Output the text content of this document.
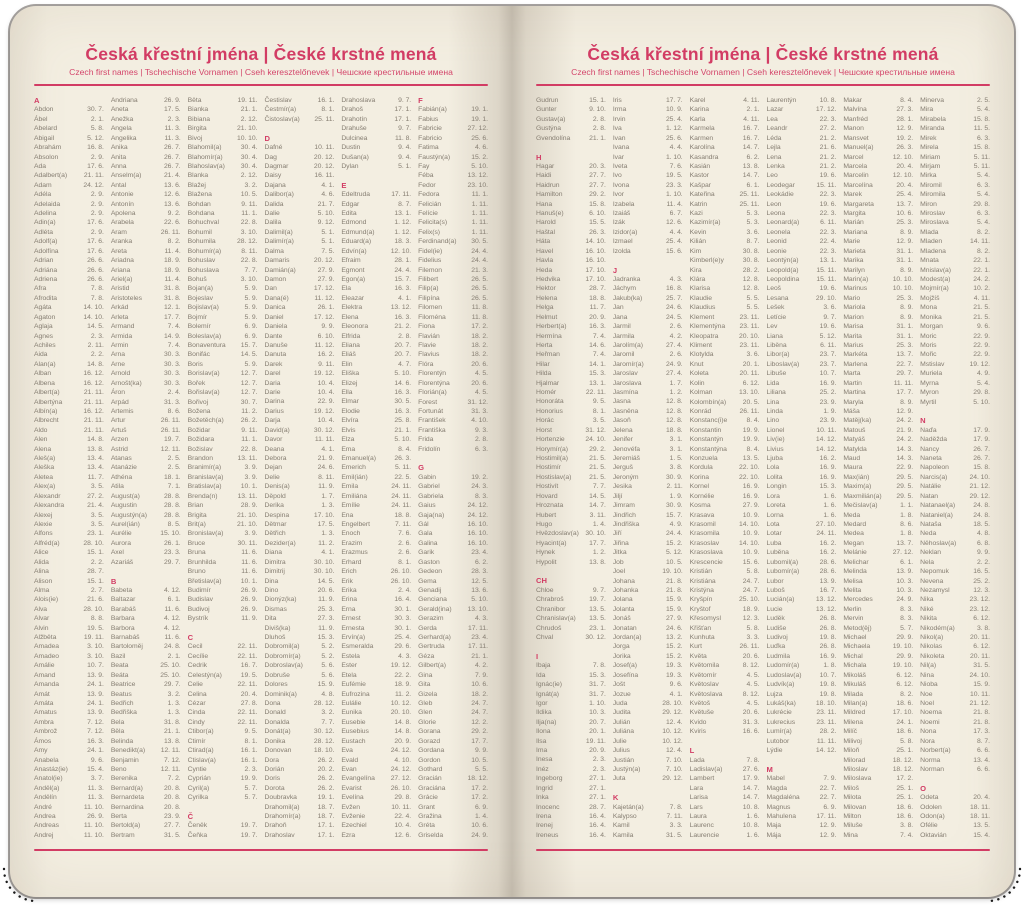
Česká křestní jména | České krstné mená
Czech first names | Tschechische Vornamen | Cseh keresztelőnevek | Чешские крестильные имена
A
Abdon	30. 7.
Ábel	2. 1.
Abelard	5. 8.
Abigail	5. 12.
Abrahám	16. 8.
Absolon	2. 9.
Ada	17. 6.
Adalbert(a) 21. 11.
Adam	24. 12.
Adéla	2. 9.
Adelaida	2. 9.
Adelina	2. 9.
Adin(a)	17. 6.
Adléta	2. 9.
Adolf(a)	17. 6.
Adolfína	17. 6.
Adrian	26. 6.
Adriána	26. 6.
Adriena	26. 6.
Afra	7. 8.
Afrodita	7. 8.
Agáta	14. 10.
Agaton	14. 10.
Aglaja	14. 5.
Agnes	2. 3.
Achiles	2. 11.
Aida	2. 2.
Alan(a)	14. 8.
Alban	16. 12.
Albena	16. 12.
Albert(a)	21. 11.
Albertýna	21. 11.
Albín(a)	16. 12.
Albrecht	21. 11.
Aldo	21. 11.
Alen	14. 8.
Alena	13. 8.
Aleš(a)	13. 4.
Aleška	13. 4.
Aletea	11. 7.
Alex(a)	3. 5.
Alexandr	27. 2.
Alexandra	21. 4.
Alexej	3. 5.
Alexie	3. 5.
Alfons	23. 1.
Alfréd(a)	28. 10.
Alice	15. 1.
Alida	2. 2.
Alina	28. 7.
Alison	15. 1.
Alma	2. 7.
Alois(ie)	21. 6.
Alva	28. 10.
Alvar	8. 8.
Alvin	19. 5.
Alžběta	19. 11.
Amadea	3. 10.
Amadeo	3. 10.
Amálie	10. 7.
Amand	13. 9.
Amanda	24. 1.
Amát	13. 9.
Amáta	24. 1.
Amatus	13. 9.
Ambra	7. 12.
Ambrož	7. 12.
Ámos	16. 3.
Amy	24. 1.
Anabela	9. 6.
Anastáz(ie)	15. 4.
Anatol(ie)	3. 7.
Anděl(a)	11. 3.
Andělín	11. 3.
André	11. 10.
Andrea	26. 9.
Andreas	11. 10.
Andrej	11. 10.
Andriana	26. 9.
Aneta	17. 5.
Anežka	2. 3.
Angela	11. 3.
Angelika	11. 3.
Anika	26. 7.
Anita	26. 7.
Anna	26. 7.
Anselm(a)	21. 4.
Antal	13. 6.
Antonie	12. 6.
Antonín	13. 6.
Apolena	9. 2.
Arabela	22. 6.
Aram	26. 11.
Aranka	8. 2.
Areta	11. 4.
Ariadna	18. 9.
Ariana	18. 9.
Ariel(a)	11. 4.
Aristid	31. 8.
Aristoteles	31. 8.
Arkád	12. 1.
Arleta	17. 7.
Armand	7. 4.
Armida	14. 9.
Armin	7. 4.
Arna	30. 3.
Arne	30. 3.
Arnold	30. 3.
Arnošt(ka)	30. 3.
Áron	2. 4.
Arpád	31. 3.
Artemis	8. 6.
Artur	26. 11.
Artuš	26. 11.
Arzen	19. 7.
Astrid	12. 11.
Atanas	2. 5.
Atanázie	2. 5.
Athéna	18. 1.
Atila	7. 1.
August(a)	28. 8.
Augustin	28. 8.
Augustýn(a)	28. 8.
Aurel(ián)	8. 5.
Aurélie	15. 10.
Aurora	26. 1.
Axel	23. 3.
Azariáš	29. 7.
B
Babeta	4. 12.
Baltazar	6. 1.
Barabáš	11. 6.
Barbara	4. 12.
Barbora	4. 12.
Barnabáš	11. 6.
Bartoloměj	24. 8.
Bazil	2. 1.
Beata	25. 10.
Beáta	25. 10.
Beatrice	29. 7.
Beatus	3. 2.
Bedřich	1. 3.
Bedřiška	1. 3.
Bela	31. 8.
Běla	21. 1.
Belinda	13. 8.
Benedikt(a) 12. 11.
Benjamin	7. 12.
Beno	12. 11.
Berenika	7. 2.
Bernard(a)	20. 8.
Bernardeta	20. 8.
Bernardina	20. 8.
Berta	23. 9.
Bertold(a)	27. 7.
Bertram	31. 5.
Běta	19. 11.
Bianka	21. 1.
Bibiana	2. 12.
Birgita	21. 10.
Bivoj	10. 10.
Blahomil(a)	30. 4.
Blahomír(a)	30. 4.
Blahoslav(a) 30. 4.
Blanka	2. 12.
Blažej	3. 2.
Blažena	10. 5.
Bohdan	9. 11.
Bohdana	11. 1.
Bohuchval	22. 8.
Bohumil	3. 10.
Bohumila	28. 12.
Bohumír(a)	8. 11.
Bohuslav	22. 8.
Bohuslava	7. 7.
Bohuš	3. 10.
Bojan(a)	5. 9.
Bojeslav	5. 9.
Bojislav(a)	5. 9.
Bojmír	5. 9.
Bolemír	6. 9.
Boleslav(a)	6. 9.
Bonaventura 15. 7.
Bonifác	14. 5.
Boris	5. 9.
Borislav(a)	12. 7.
Bořek	12. 7.
Bořislav(a)	12. 7.
Bořivoj	30. 7.
Božena	11. 2.
Božetěch(a)	26. 2.
Božidar	9. 11.
Božidara	11. 1.
Božislav	22. 8.
Brandon	13. 11.
Branimír(a)	3. 9.
Branislav(a)	3. 9.
Bratislav(a)	10. 1.
Brenda(n)	13. 11.
Brian	28. 9.
Brigita	21. 10.
Brit(a)	21. 10.
Bronislav(a)	3. 9.
Bruce	30. 11.
Bruna	11. 6.
Brunhilda	11. 6.
Bruno	11. 6.
Břetislav(a)	10. 1.
Budimír	26. 9.
Budislav	26. 9.
Budivoj	26. 9.
Bystrík	11. 9.
C
Cecil	22. 11.
Cecílie	22. 11.
Cedrik	16. 7.
Celestýn(a)	19. 5.
Celie	22. 11.
Celina	20. 4.
Cézar	27. 8.
Cinda	22. 11.
Cindy	22. 11.
Ctibor(a)	9. 5.
Ctimír	8. 1.
Ctirad(a)	16. 1.
Ctislav(a)	16. 1.
Cyntie	2. 3.
Cyprián	19. 9.
Cyril(a)	5. 7.
Cyrilka	5. 7.
Č
Čeněk	19. 7.
Čeňka	19. 7.
Čestislav	16. 1.
Čestmír(a)	8. 1.
Čistoslav(a) 25. 11.
D
Dafné	10. 11.
Dag	20. 12.
Dagmar	20. 12.
Daisy	16. 11.
Dajana	4. 1.
Dalibor(a)	4. 6.
Dalida	21. 7.
Dalie	5. 10.
Dalila	9. 12.
Dalimil(a)	5. 1.
Dalimír(a)	5. 1.
Dalma	7. 5.
Damaris	20. 12.
Damián(a)	27. 9.
Damon	27. 9.
Dan	17. 12.
Dana(é)	11. 12.
Danica	26. 1.
Daniel	17. 12.
Daniela	9. 9.
Dante	6. 10.
Danuše	11. 12.
Danuta	16. 2.
Darek	9. 11.
Darel	19. 12.
Daria	10. 4.
Darie	10. 4.
Darina	22. 9.
Darius	19. 12.
Darja	10. 4.
David(a)	30. 12.
Davor	11. 11.
Deana	4. 1.
Debora	21. 9.
Dejan	24. 6.
Delie	8. 11.
Denis(a)	11. 9.
Děpold	1. 7.
Derika	1. 3.
Despina	17. 10.
Dětmar	17. 5.
Dětřich	1. 3.
Dezider(a)	11. 2.
Diana	4. 1.
Dimitra	30. 10.
Dimitrij	30. 10.
Dina	14. 5.
Dino	20. 6.
Dionýz(ka)	11. 9.
Dismas	25. 3.
Dita	27. 3.
Diviš(ka)	11. 9.
Dluhoš	15. 3.
Dobromil(a)	5. 2.
Dobromír(a)	5. 2.
Dobroslav(a)	5. 6.
Dobruše	5. 6.
Dolores	15. 9.
Dominik(a)	4. 8.
Dona	28. 12.
Donald	3. 2.
Donalda	7. 7.
Donát(a)	30. 12.
Donika	28. 12.
Donovan	18. 10.
Dora	26. 2.
Dorián	20. 2.
Doris	26. 2.
Dorota	26. 2.
Doubravka	19. 1.
Drahomil(a)	18. 7.
Drahomír(a)	18. 7.
Drahoň	17. 1.
Drahoslav	17. 1.
Drahoslava	9. 7.
Drahoš	17. 1.
Drahotín	17. 1.
Drahuše	9. 7.
Dulcinea	11. 8.
Dustin	9. 4.
Dušan(a)	9. 4.
Dylan	5. 1.
E
Edeltruda	17. 11.
Edgar	8. 7.
Edita	13. 1.
Edmond	1. 12.
Edmund(a)	1. 12.
Eduard(a)	18. 3.
Edvín(a)	12. 10.
Efraim	28. 1.
Egmont	24. 4.
Egon(a)	15. 7.
Ela	16. 3.
Eleazar	4. 1.
Elektra	13. 12.
Elena	16. 3.
Eleonora	21. 2.
Elfrida	2. 8.
Eliana	20. 7.
Eliáš	20. 7.
Elin	4. 7.
Eliška	5. 10.
Elizej	14. 6.
Ella	16. 3.
Elmar	30. 5.
Elodie	16. 3.
Elvíra	25. 8.
Elvis	21. 1.
Elza	5. 10.
Ema	8. 4.
Emanuel(a)	26. 3.
Emerich	5. 11.
Emil(ián)	22. 5.
Emila	24. 11.
Emiliána	24. 11.
Emílie	24. 11.
Ena	18. 8.
Engelbert	7. 11.
Enoch	7. 6.
Erazim	2. 6.
Erazmus	2. 6.
Erhard	8. 1.
Erich	26. 10.
Erik	26. 10.
Erika	2. 4.
Erina	16. 4.
Erna	30. 1.
Ernest	30. 3.
Ernesta	30. 1.
Ervín(a)	25. 4.
Esmeralda	29. 6.
Estela	4. 3.
Ester	19. 12.
Etela	22. 2.
Eufémie	18. 9.
Eufrozina	11. 2.
Eulálie	10. 12.
Eunika	20. 10.
Eusebie	14. 8.
Eusebius	14. 8.
Eustach	20. 9.
Eva	24. 12.
Evald	4. 10.
Evan	24. 12.
Evangelína 27. 12.
Evarist	26. 10.
Evelína	29. 8.
Evžen	10. 11.
Evženie	22. 4.
Ezechiel	10. 4.
Ezra	12. 6.
F
Fabián(a)	19. 1.
Fabius	19. 1.
Fabricie	27. 12.
Fabricio	25. 6.
Fatima	4. 6.
Faustýn(a)	15. 2.
Fay	5. 10.
Féba	13. 12.
Fedor	23. 10.
Fedora	11. 1.
Felicián	1. 11.
Felície	1. 11.
Felicita(s)	1. 11.
Felix(s)	1. 11.
Ferdinand(a) 30. 5.
Fidel(ie)	24. 4.
Fidelius	24. 4.
Filemon	21. 3.
Filibert	26. 5.
Filip(a)	26. 5.
Filipína	26. 5.
Filomen	11. 8.
Filoména	11. 8.
Fiona	17. 2.
Flavián	18. 2.
Flavie	18. 2.
Flavius	18. 2.
Flóra	20. 6.
Florentýn	4. 5.
Florentýna	20. 6.
Florián(a)	4. 5.
Forest	31. 12.
Fortunát	31. 3.
František	4. 10.
Františka	9. 3.
Frida	2. 8.
Fridolín	6. 3.
G
Gabin	19. 2.
Gabriel	24. 3.
Gabriela	8. 3.
Gaius	24. 12.
Gaja(na)	24. 12.
Gál	16. 10.
Gala	16. 10.
Galina	16. 10.
Garik	23. 4.
Gaston	6. 2.
Gedeon	28. 3.
Gema	12. 5.
Genadij	13. 6.
Genciana	5. 10.
Gerald(ina) 13. 10.
Gerazim	4. 3.
Gerda	17. 11.
Gerhard(a)	23. 4.
Gertruda	17. 11.
Géza	21. 1.
Gilbert(a)	4. 2.
Gina	7. 9.
Gita	10. 6.
Gizela	18. 2.
Gleb	24. 7.
Glen	24. 7.
Glorie	12. 2.
Gorana	29. 2.
Gorazd	17. 7.
Gordana	9. 9.
Gordon	10. 5.
Gothard	5. 5.
Gracián	18. 12.
Graciána	17. 2.
Grácie	17. 2.
Grant	6. 9.
Gražina	1. 4.
Gréta	10. 6.
Griselda	24. 9.
Česká křestní jména | České krstné mená
Czech first names | Tschechische Vornamen | Cseh keresztelőnevek | Чешские крестильные имена
Gudrun	15. 1.
Gunter	9. 10.
Gustav(a)	2. 8.
Gustýna	2. 8.
Gvendolína	21. 1.
H
Hagar	20. 3.
Haidi	27. 7.
Haidrun	27. 7.
Hamilton	29. 2.
Hana	15. 8.
Hanuš(e)	6. 10.
Harold	15. 5.
Haštal	26. 3.
Háta	14. 10.
Havel	16. 10.
Havla	16. 10.
Heda	17. 10.
Hedvika	17. 10.
Hektor	28. 7.
Helena	18. 8.
Helga	11. 7.
Helmut	20. 9.
Herbert(a)	16. 3.
Hermína	7. 4.
Herta	14. 6.
Heřman	7. 4.
Hilar	14. 1.
Hilda	15. 3.
Hjalmar	13. 1.
Homér	22. 11.
Honoráta	9. 5.
Honorius	8. 1.
Horác	3. 5.
Horst	31. 12.
Hortenzie	24. 10.
Horymír(a)	29. 2.
Hostimil(a)	21. 5.
Hostimír	21. 5.
Hostislav(a)	21. 5.
Hostivít	7. 7.
Hovard	14. 5.
Hroznata	14. 7.
Hubert	3. 11.
Hugo	1. 4.
Hvězdoslav(a) 30. 10.
Hyacint(a)	17. 7.
Hynek	1. 2.
Hypolit	13. 8.
CH
Chloe	9. 7.
Chrabroš	19. 7.
Chranibor	13. 5.
Chranislav(a) 13. 5.
Chrudoš	23. 1.
Chval	30. 12.
I
Ibaja	7. 8.
Ida	15. 3.
Ignác(ie)	31. 7.
Ignát(a)	31. 7.
Igor	1. 10.
Ildika	10. 3.
Ilja(na)	20. 7.
Ilona	20. 1.
Ilsa	19. 11.
Ima	20. 9.
Inesa	2. 3.
Inéz	2. 3.
Ingeborg	27. 1.
Ingrid	27. 1.
Inka	27. 1.
Inocenc	28. 7.
Irena	16. 4.
Irenej	16. 4.
Ireneus	16. 4.
Iris	17. 7.
Irma	10. 9.
Irvin	25. 4.
Iva	1. 12.
Ivan	25. 6.
Ivana	4. 4.
Ivar	1. 10.
Iveta	7. 6.
Ivo	19. 5.
Ivona	23. 3.
Ivor	1. 10.
Izabela	11. 4.
Izaiáš	6. 7.
Izák	12. 6.
Izidor(a)	4. 4.
Izmael	25. 4.
Izolda	15. 6.
J
Jadranka	4. 3.
Jáchym	16. 8.
Jakub(ka)	25. 7.
Jan	24. 6.
Jana	24. 5.
Jarmil	2. 6.
Jarmila	4. 2.
Jarolím(a)	27. 4.
Jaromil	2. 6.
Jaromír(a)	24. 9.
Jaroslav	27. 4.
Jaroslava	1. 7.
Jasmína	1. 2.
Jasna	12. 8.
Jasněna	12. 8.
Jasoň	12. 8.
Jelena	18. 8.
Jenifer	3. 1.
Jenovéfa	3. 1.
Jeremiáš	1. 5.
Jerguš	3. 8.
Jeroným	30. 9.
Jesika	2. 11.
Jiljí	1. 9.
Jimram	30. 9.
Jindřich	15. 7.
Jindřiška	4. 9.
Jiří	24. 4.
Jiřina	15. 2.
Jitka	5. 12.
Job	10. 5.
Joel	19. 10.
Johana	21. 8.
Johanka	21. 8.
Jolana	15. 9.
Jolanta	15. 9.
Jonáš	27. 9.
Jonatan	24. 6.
Jordan(a)	13. 2.
Jorga	15. 2.
Jorika	15. 2.
Josef(a)	19. 3.
Josefína	19. 3.
Jošt	9. 6.
Jozue	4. 1.
Juda	28. 10.
Judita	29. 12.
Julián	12. 4.
Juliána	10. 12.
Julie	10. 12.
Julius	12. 4.
Justián	7. 10.
Justýn(a)	7. 10.
Juta	29. 12.
K
Kajetán(a)	7. 8.
Kalypso	7. 11.
Kamil	3. 3.
Kamila	31. 5.
Karel	4. 11.
Karina	2. 1.
Karla	4. 11.
Karmela	16. 7.
Karmen	16. 7.
Karolína	14. 7.
Kasandra	6. 2.
Kasián	13. 8.
Kastor	14. 7.
Kašpar	6. 1.
Kateřina	25. 11.
Katrin	25. 11.
Kazi	5. 3.
Kazimír(a)	5. 3.
Kevin	3. 6.
Kilián	8. 7.
Kim	30. 8.
Kimberl(e)y	30. 8.
Kira	28. 2.
Klára	12. 8.
Klarisa	12. 8.
Klaudie	5. 5.
Klaudius	5. 5.
Klement	23. 11.
Klementýna 23. 11.
Kleopatra	20. 10.
Kliment	23. 11.
Klotylda	3. 6.
Knut	20. 1.
Koleta	20. 11.
Kolin	6. 12.
Kolman	13. 10.
Kolombín(a) 20. 5.
Konrád	26. 11.
Konstanc(i)e	8. 4.
Konstantin	19. 9.
Konstantýn	19. 9.
Konstantýna	8. 4.
Konzuela	13. 5.
Kordula	22. 10.
Korina	22. 10.
Kornel	16. 9.
Kornélie	16. 9.
Kosma	27. 9.
Krasava	10. 9.
Krasomil	14. 10.
Krasomila	10. 9.
Krasoslav	14. 10.
Krasoslava	10. 9.
Krescencie	15. 6.
Kristián	5. 8.
Kristiána	24. 7.
Kristýna	24. 7.
Kryšpín	25. 10.
Kryštof	18. 9.
Křesomysl	12. 3.
Křišťan	5. 8.
Kunhuta	3. 3.
Kurt	26. 11.
Květa	20. 6.
Květomila	8. 12.
Květomír	4. 5.
Květoslav	4. 5.
Květoslava	8. 12.
Květoš	4. 5.
Květuše	20. 6.
Kvido	31. 3.
Kviris	16. 6.
L
Lada	7. 8.
Ladislav(a)	27. 6.
Lambert	17. 9.
Lara	14. 7.
Larisa	14. 7.
Lars	10. 8.
Laura	1. 6.
Laurenc	10. 8.
Laurencie	1. 6.
Laurentýn	10. 8.
Lazar	17. 12.
Lea	22. 3.
Leandr	27. 2.
Léda	21. 2.
Lejla	21. 6.
Lena	21. 2.
Lenka	21. 2.
Leo	19. 6.
Leodegar	15. 11.
Leokádie	22. 3.
Leon	19. 6.
Leona	22. 3.
Leonard(a)	6. 11.
Leonela	22. 3.
Leonid	22. 4.
Leonie	22. 3.
Leontýn(a)	13. 1.
Leopold(a)	15. 11.
Leopoldina	15. 11.
Leoš	19. 6.
Lesana	29. 10.
Lešek	3. 6.
Letície	9. 7.
Lev	19. 6.
Liana	5. 12.
Liběna	6. 11.
Libor(a)	23. 7.
Liboslav(a)	23. 7.
Libuše	10. 7.
Lida	16. 9.
Liliana	25. 2.
Lina	23. 9.
Linda	1. 9.
Lino	23. 9.
Lionel	10. 11.
Liv(ie)	14. 12.
Livius	14. 12.
Ljuba	16. 2.
Lola	16. 9.
Lolita	16. 9.
Longin	15. 3.
Lora	1. 6.
Loreta	1. 6.
Lorna	1. 6.
Lota	27. 10.
Lotar	24. 11.
Luba	16. 2.
Luběna	16. 2.
Lubomil(a)	28. 6.
Lubomír(a)	28. 6.
Lubor	13. 9.
Luboš	16. 7.
Lucián(a)	13. 12.
Lucie	13. 12.
Luděk	26. 8.
Ludiše	26. 8.
Ludivoj	19. 8.
Luďka	26. 8.
Ludmila	16. 9.
Ludomír(a)	1. 8.
Ludoslav(a)	10. 7.
Ludvík(a)	19. 8.
Lujza	19. 8.
Lukáš(ka)	18. 10.
Lukrécie	23. 11.
Lukrecius	23. 11.
Lumír(a)	28. 2.
Lutobor	11. 11.
Lýdie	14. 12.
M
Mabel	7. 9.
Magda	22. 7.
Magdaléna	22. 7.
Magnus	6. 9.
Mahulena	17. 11.
Maja	12. 9.
Mája	12. 9.
Makar	8. 4.
Malvína	27. 3.
Manfréd	28. 1.
Manon	12. 9.
Mansvet	19. 2.
Manuel(a)	26. 3.
Marcel	12. 10.
Marcela	20. 4.
Marcelin	12. 10.
Marcelína	20. 4.
Marek	25. 4.
Margareta	13. 7.
Margita	10. 6.
Marián	25. 3.
Mariana	8. 9.
Marie	12. 9.
Marieta	31. 1.
Marika	31. 1.
Marilyn	8. 9.
Marin(a)	10. 10.
Marinus	10. 10.
Mario	25. 3.
Mariola	8. 9.
Marion	8. 9.
Marisa	31. 1.
Marita	31. 1.
Marius	25. 3.
Markéta	13. 7.
Marlena	22. 7.
Marta	29. 7.
Martin	11. 11.
Martina	17. 7.
Maryla	8. 9.
Máša	12. 9.
Matěj(ka)	24. 2.
Matouš	21. 9.
Matyáš	24. 2.
Matylda	14. 3.
Maud	14. 3.
Maura	22. 9.
Max(ián)	29. 5.
Maxim(a)	29. 5.
Maxmilián(a) 29. 5.
Mečislav(a)	1. 1.
Meda	1. 8.
Medard	8. 6.
Medea	1. 8.
Megan	13. 7.
Melánie	27. 12.
Melichar	6. 1.
Melinda	13. 9.
Melisa	10. 3.
Melita	10. 3.
Mercedes	24. 9.
Merlin	8. 3.
Mervin	8. 3.
Metod(ěj)	5. 7.
Michael	29. 9.
Michaela	19. 10.
Michal	29. 9.
Michala	19. 10.
Mikoláš	6. 12.
Mikuláš	6. 12.
Milada	8. 2.
Milan(a)	18. 6.
Mildred	17. 10.
Milena	24. 1.
Milíč	18. 6.
Milivoj	5. 8.
Miloň	25. 1.
Milorad	18. 12.
Miloslav	18. 12.
Miloslava	17. 2.
Miloš	25. 1.
Milota	25. 1.
Milovan	18. 6.
Milton	18. 6.
Miluše	3. 8.
Mina	7. 4.
Minerva	2. 5.
Mira	5. 4.
Mirabela	15. 8.
Miranda	11. 5.
Mirek	6. 3.
Mirela	15. 8.
Miriam	5. 11.
Mirjam	5. 11.
Mirka	5. 4.
Miromil	6. 3.
Miromila	5. 4.
Miron	29. 8.
Miroslav	6. 3.
Miroslava	5. 4.
Mlada	8. 2.
Mladen	14. 11.
Mladena	8. 2.
Mnata	22. 1.
Mnislav(a)	22. 1.
Modest(a)	24. 2.
Mojmír(a)	10. 2.
Mojžíš	4. 11.
Mona	21. 5.
Monika	21. 5.
Morgan	9. 6.
Moric	22. 9.
Moris	22. 9.
Mořic	22. 9.
Mstislav	19. 12.
Muriela	4. 9.
Myrna	5. 4.
Myron	29. 8.
Myrtil	5. 10.
N
Naďa	17. 9.
Naděžda	17. 9.
Nancy	26. 7.
Naneta	26. 7.
Napoleon	15. 8.
Narcis(a)	24. 10.
Natálie	21. 12.
Natan	29. 12.
Natanael(a)	24. 8.
Nataniel(a)	24. 8.
Nataša	18. 5.
Neda	4. 8.
Něhoslav(a)	6. 8.
Neklan	9. 9.
Nela	2. 2.
Nepomuk	16. 5.
Nevena	25. 2.
Nezamysl	12. 3.
Nika	23. 12.
Niké	23. 12.
Nikita	6. 12.
Nikodém(a)	3. 8.
Nikol(a)	20. 11.
Nikolas	6. 12.
Nikoleta	20. 11.
Nil(a)	31. 5.
Nina	24. 10.
Nioba	15. 9.
Noe	10. 11.
Noel	21. 12.
Noema	21. 8.
Noemi	21. 8.
Nona	17. 3.
Nora	8. 7.
Norbert(a)	6. 6.
Norma	13. 4.
Norman	6. 6.
O
Odeta	20. 4.
Odolen	18. 11.
Odon(a)	18. 11.
Ofélie	13. 5.
Oktavián	15. 4.
